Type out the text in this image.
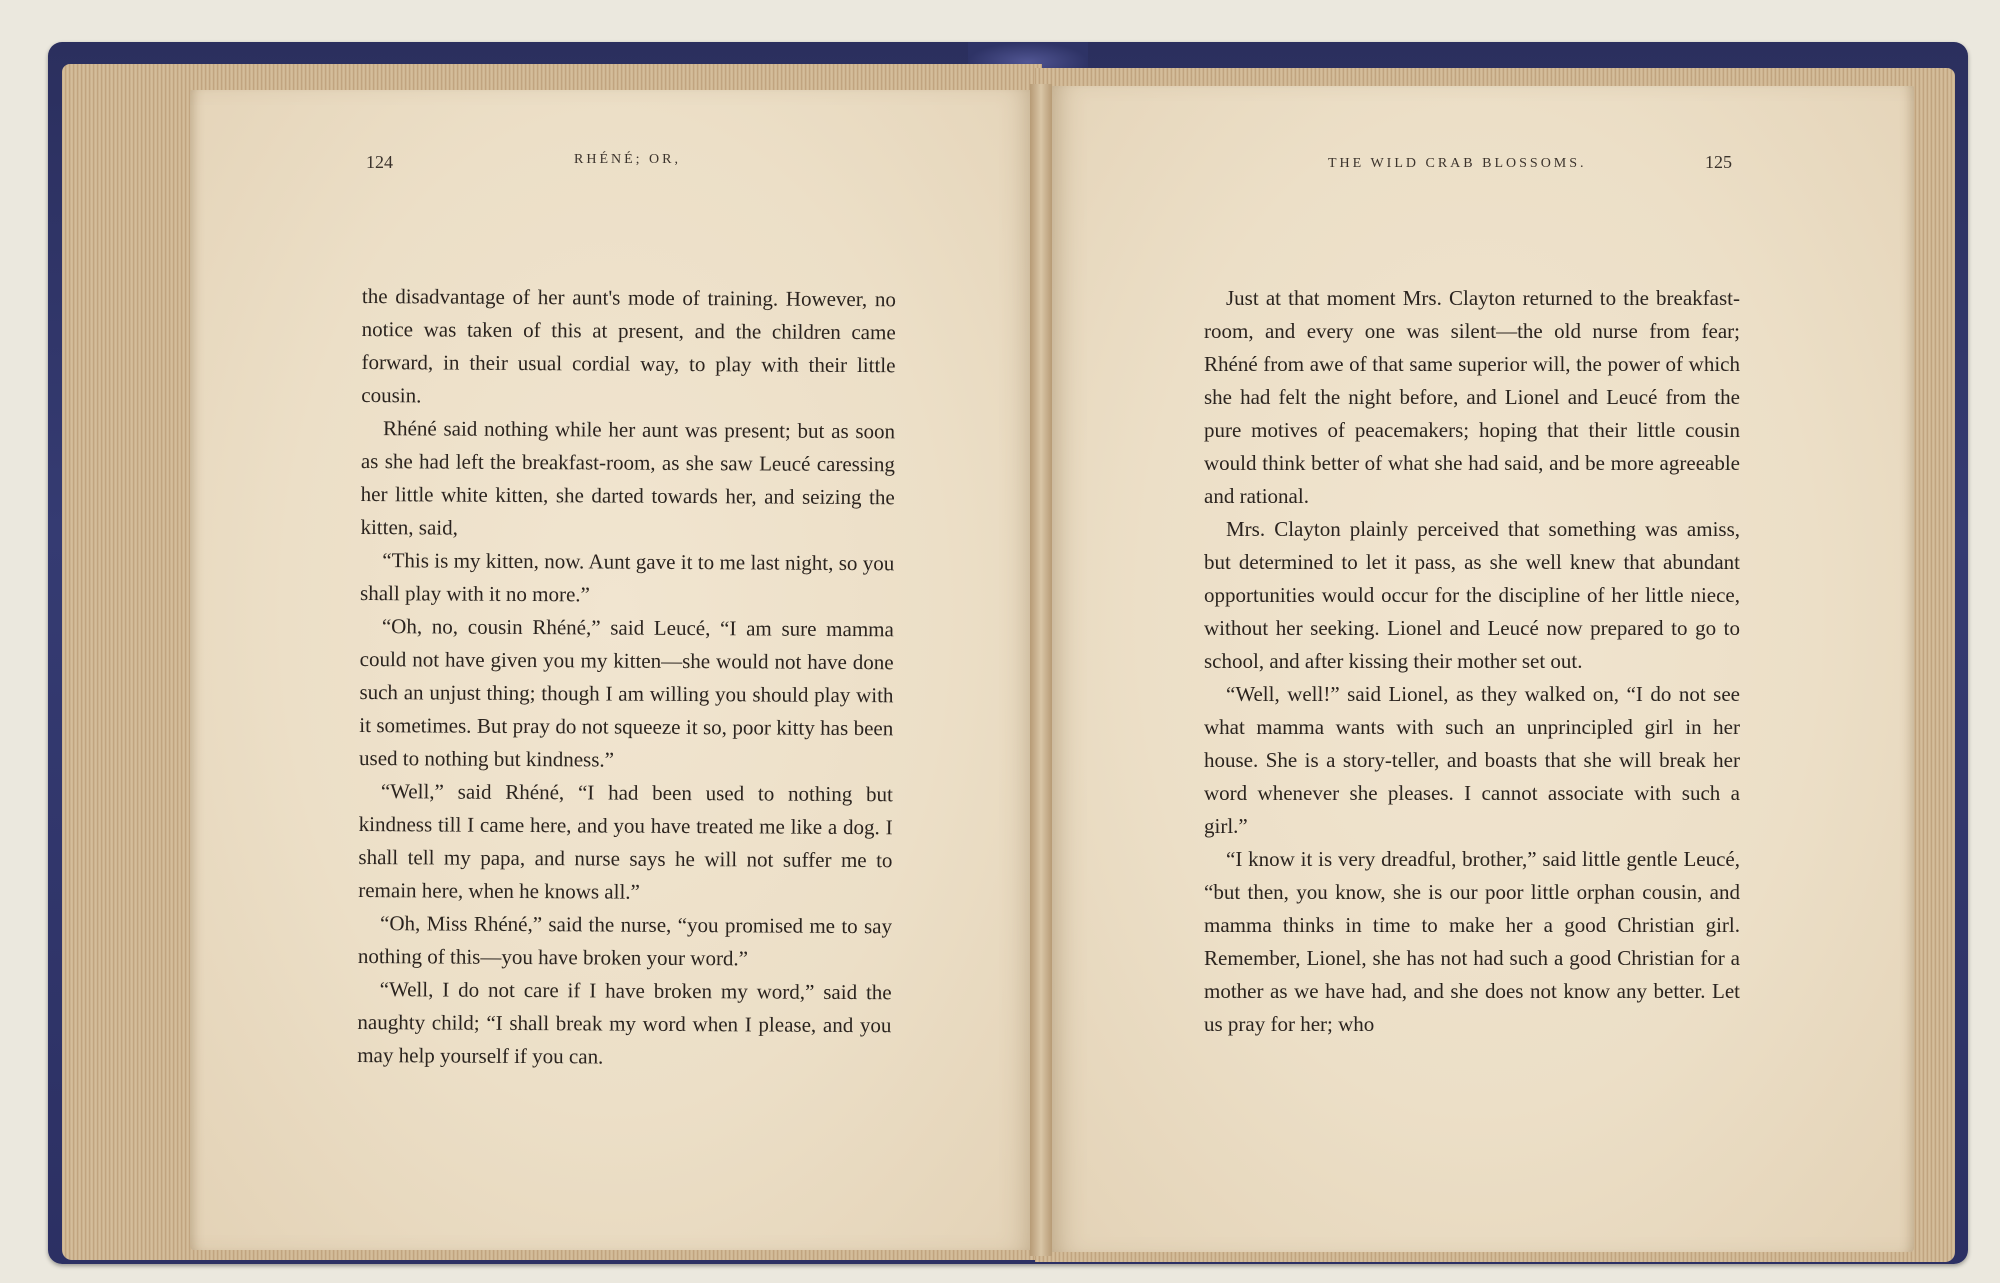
124	RHÉNÉ; OR,

the disadvantage of her aunt's mode of training. However, no notice was taken of this at present, and the children came forward, in their usual cordial way, to play with their little cousin.

Rhéné said nothing while her aunt was present; but as soon as she had left the breakfast-room, as she saw Leucé caressing her little white kitten, she darted towards her, and seizing the kitten, said,

“This is my kitten, now. Aunt gave it to me last night, so you shall play with it no more.”

“Oh, no, cousin Rhéné,” said Leucé, “I am sure mamma could not have given you my kitten—she would not have done such an unjust thing; though I am willing you should play with it sometimes. But pray do not squeeze it so, poor kitty has been used to nothing but kindness.”

“Well,” said Rhéné, “I had been used to nothing but kindness till I came here, and you have treated me like a dog. I shall tell my papa, and nurse says he will not suffer me to remain here, when he knows all.”

“Oh, Miss Rhéné,” said the nurse, “you promised me to say nothing of this—you have broken your word.”

“Well, I do not care if I have broken my word,” said the naughty child; “I shall break my word when I please, and you may help yourself if you can.

THE WILD CRAB BLOSSOMS.	125

Just at that moment Mrs. Clayton returned to the breakfast-room, and every one was silent—the old nurse from fear; Rhéné from awe of that same superior will, the power of which she had felt the night before, and Lionel and Leucé from the pure motives of peacemakers; hoping that their little cousin would think better of what she had said, and be more agreeable and rational.

Mrs. Clayton plainly perceived that something was amiss, but determined to let it pass, as she well knew that abundant opportunities would occur for the discipline of her little niece, without her seeking. Lionel and Leucé now prepared to go to school, and after kissing their mother set out.

“Well, well!” said Lionel, as they walked on, “I do not see what mamma wants with such an unprincipled girl in her house. She is a story-teller, and boasts that she will break her word whenever she pleases. I cannot associate with such a girl.”

“I know it is very dreadful, brother,” said little gentle Leucé, “but then, you know, she is our poor little orphan cousin, and mamma thinks in time to make her a good Christian girl. Remember, Lionel, she has not had such a good Christian for a mother as we have had, and she does not know any better. Let us pray for her; who
